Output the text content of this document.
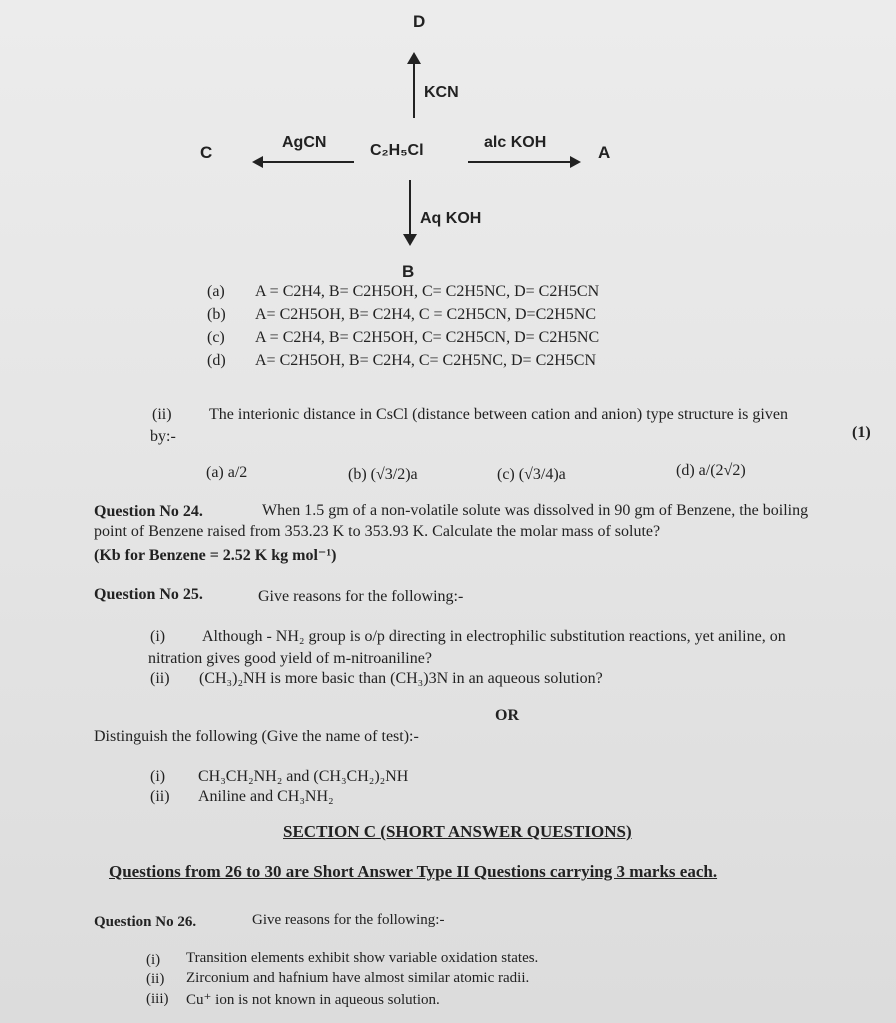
D
KCN
C
AgCN	C₂H₅Cl	alc KOH
A
Aq KOH
B
(a) A = C2H4, B= C2H5OH, C= C2H5NC, D= C2H5CN
(b) A= C2H5OH, B= C2H4, C = C2H5CN, D=C2H5NC
(c) A = C2H4, B= C2H5OH, C= C2H5CN, D= C2H5NC
(d) A= C2H5OH, B= C2H4, C= C2H5NC, D= C2H5CN
(ii) The interionic distance in CsCl (distance between cation and anion) type structure is given
by:-	(1)
(a) a/2	(b) (√3/2)a	(c) (√3/4)a	(d) a/(2√2)
Question No 24.	When 1.5 gm of a non-volatile solute was dissolved in 90 gm of Benzene, the boiling
point of Benzene raised from 353.23 K to 353.93 K. Calculate the molar mass of solute?
(Kb for Benzene = 2.52 K kg mol⁻¹)
Question No 25.	Give reasons for the following:-
(i) Although - NH₂ group is o/p directing in electrophilic substitution reactions, yet aniline, on
nitration gives good yield of m-nitroaniline?
(ii) (CH₃)₂NH is more basic than (CH₃)3N in an aqueous solution?
OR
Distinguish the following (Give the name of test):-
(i) CH₃CH₂NH₂ and (CH₃CH₂)₂NH
(ii) Aniline and CH₃NH₂
SECTION C (SHORT ANSWER QUESTIONS)
Questions from 26 to 30 are Short Answer Type II Questions carrying 3 marks each.
Question No 26.	Give reasons for the following:-
(i) Transition elements exhibit show variable oxidation states.
(ii) Zirconium and hafnium have almost similar atomic radii.
(iii) Cu⁺ ion is not known in aqueous solution.
